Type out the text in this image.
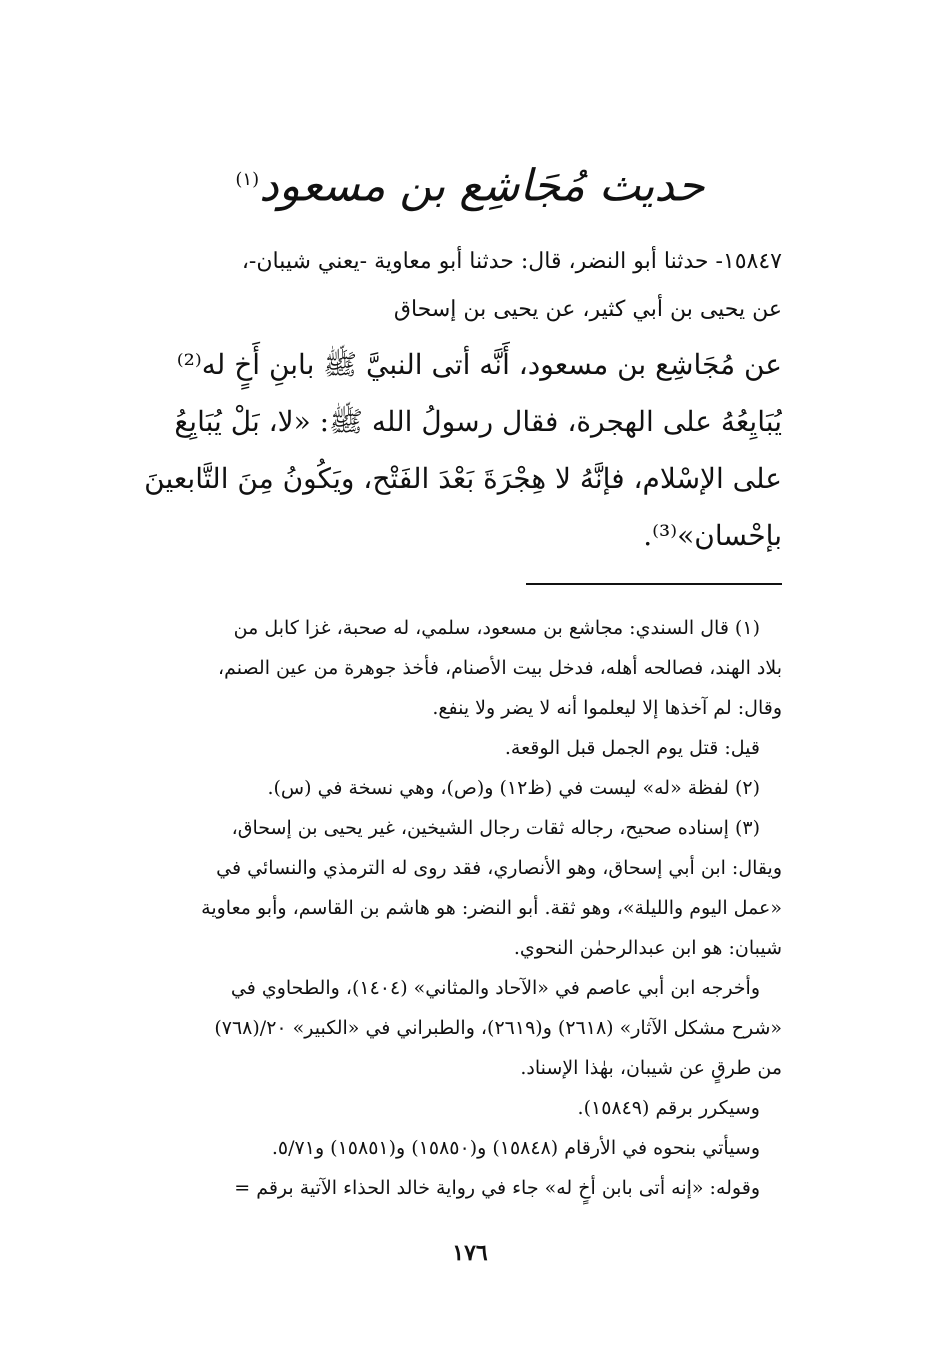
حديث مُجَاشِع بن مسعود$^{(١)}$
١٥٨٤٧- حدثنا أبو النضر، قال: حدثنا أبو معاوية -يعني شيبان-،
عن يحيى بن أبي كثير، عن يحيى بن إسحاق
عن مُجَاشِع بن مسعود، أَنَّه أتى النبيَّ ﷺ بابنِ أَخٍ له⁽²⁾
يُبَايِعُهُ على الهجرة، فقال رسولُ الله ﷺ: «لا، بَلْ يُبَايِعُ
على الإسْلام، فإنَّهُ لا هِجْرَةَ بَعْدَ الفَتْح، ويَكُونُ مِنَ التَّابعينَ
بإحْسان»⁽³⁾.
(١) قال السندي: مجاشع بن مسعود، سلمي، له صحبة، غزا كابل من
بلاد الهند، فصالحه أهله، فدخل بيت الأصنام، فأخذ جوهرة من عين الصنم،
وقال: لم آخذها إلا ليعلموا أنه لا يضر ولا ينفع.
قيل: قتل يوم الجمل قبل الوقعة.
(٢) لفظة «له» ليست في (ظ١٢) و(ص)، وهي نسخة في (س).
(٣) إسناده صحيح، رجاله ثقات رجال الشيخين، غير يحيى بن إسحاق،
ويقال: ابن أبي إسحاق، وهو الأنصاري، فقد روى له الترمذي والنسائي في
«عمل اليوم والليلة»، وهو ثقة. أبو النضر: هو هاشم بن القاسم، وأبو معاوية
شيبان: هو ابن عبدالرحمٰن النحوي.
وأخرجه ابن أبي عاصم في «الآحاد والمثاني» (١٤٠٤)، والطحاوي في
«شرح مشكل الآثار» (٢٦١٨) و(٢٦١٩)، والطبراني في «الكبير» ٢٠/(٧٦٨)
من طرقٍ عن شيبان، بهٰذا الإسناد.
وسيكرر برقم (١٥٨٤٩).
وسيأتي بنحوه في الأرقام (١٥٨٤٨) و(١٥٨٥٠) و(١٥٨٥١) و٥/٧١.
وقوله: «إنه أتى بابن أخٍ له» جاء في رواية خالد الحذاء الآتية برقم =
١٧٦
